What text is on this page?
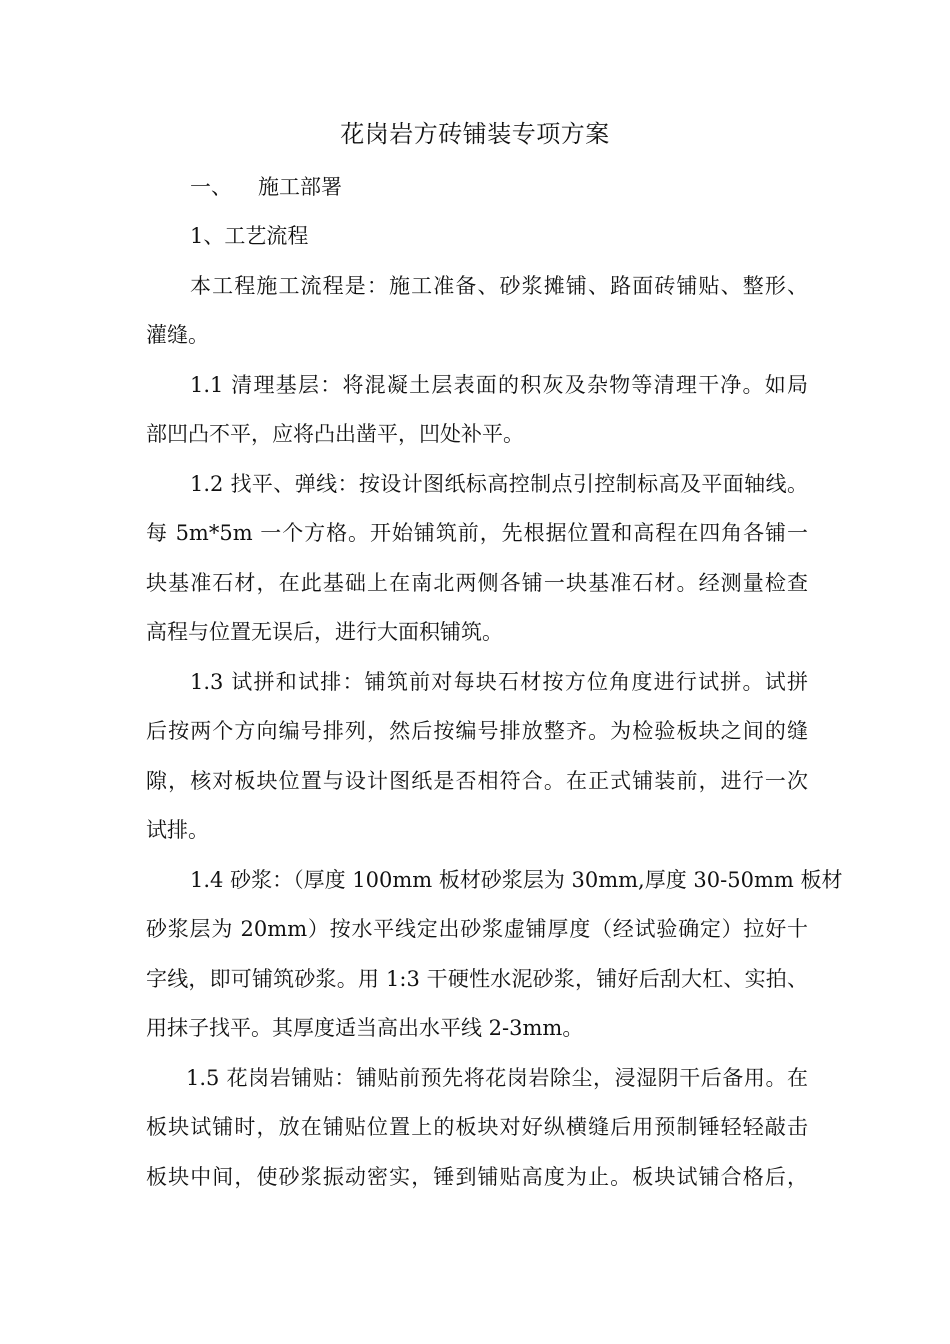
花岗岩方砖铺装专项方案
一、 施工部署
1、工艺流程
本工程施工流程是：施工准备、砂浆摊铺、路面砖铺贴、整形、
灌缝。
1.1 清理基层：将混凝土层表面的积灰及杂物等清理干净。如局
部凹凸不平，应将凸出凿平，凹处补平。
1.2 找平、弹线：按设计图纸标高控制点引控制标高及平面轴线。
每 5m*5m 一个方格。开始铺筑前，先根据位置和高程在四角各铺一
块基准石材，在此基础上在南北两侧各铺一块基准石材。经测量检查
高程与位置无误后，进行大面积铺筑。
1.3 试拼和试排：铺筑前对每块石材按方位角度进行试拼。试拼
后按两个方向编号排列，然后按编号排放整齐。为检验板块之间的缝
隙，核对板块位置与设计图纸是否相符合。在正式铺装前，进行一次
试排。
1.4 砂浆：（厚度 100mm 板材砂浆层为 30mm,厚度 30-50mm 板材
砂浆层为 20mm）按水平线定出砂浆虚铺厚度（经试验确定）拉好十
字线，即可铺筑砂浆。用 1:3 干硬性水泥砂浆，铺好后刮大杠、实拍、
用抹子找平。其厚度适当高出水平线 2-3mm。
1.5 花岗岩铺贴：铺贴前预先将花岗岩除尘，浸湿阴干后备用。在
板块试铺时，放在铺贴位置上的板块对好纵横缝后用预制锤轻轻敲击
板块中间，使砂浆振动密实，锤到铺贴高度为止。板块试铺合格后，
